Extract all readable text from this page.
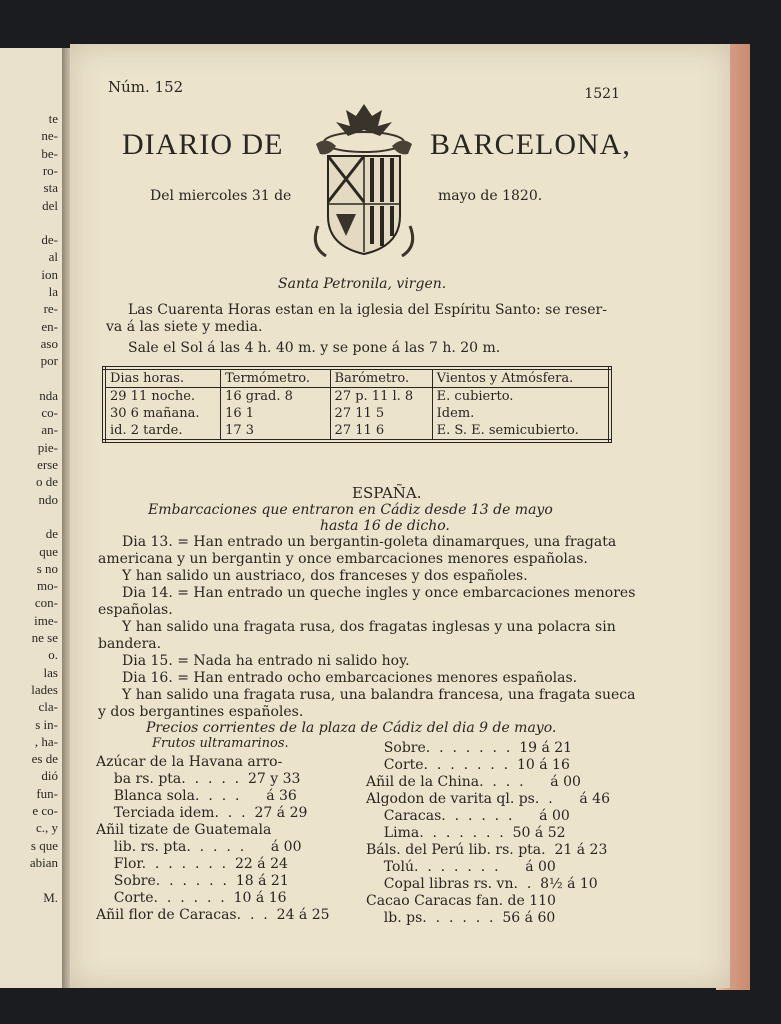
te
ne-
be-
ro-
sta
del
de-
al
ion
la
re-
en-
aso
por
nda
co-
an-
pie-
erse
o de
ndo
de
que
s no
mo-
con-
ime-
ne se
o.
las
lades
cla-
s in-
, ha-
es de
dió
fun-
e co-
c., y
s que
abian
M.
Núm. 152	1521
DIARIO DE	BARCELONA,
Del miercoles 31 de	mayo de 1820.
Santa Petronila, virgen.
Las Cuarenta Horas estan en la iglesia del Espíritu Santo: se reser-
va á las siete y media.
Sale el Sol á las 4 h. 40 m. y se pone á las 7 h. 20 m.
Dias horas.	Termómetro.	Barómetro.	Vientos y Atmósfera.
29 11 noche.	16 grad. 8	27 p. 11 l. 8	E. cubierto.
30 6 mañana.	16 1	27 11 5	Idem.
id. 2 tarde.	17 3	27 11 6	E. S. E. semicubierto.
ESPAÑA.
Embarcaciones que entraron en Cádiz desde 13 de mayo
hasta 16 de dicho.
Dia 13. = Han entrado un bergantin-goleta dinamarques, una fragata
americana y un bergantin y once embarcaciones menores españolas.
Y han salido un austriaco, dos franceses y dos españoles.
Dia 14. = Han entrado un queche ingles y once embarcaciones menores
españolas.
Y han salido una fragata rusa, dos fragatas inglesas y una polacra sin
bandera.
Dia 15. = Nada ha entrado ni salido hoy.
Dia 16. = Han entrado ocho embarcaciones menores españolas.
Y han salido una fragata rusa, una balandra francesa, una fragata sueca
y dos bergantines españoles.
Precios corrientes de la plaza de Cádiz del dia 9 de mayo.
Frutos ultramarinos.
Azúcar de la Havana arro-
ba rs. pta.  .  .  .  .  27 y 33
Blanca sola.  .  .  .      á 36
Terciada idem.  .  .  27 á 29
Añil tizate de Guatemala
lib. rs. pta.  .  .  .  .      á 00
Flor.  .  .  .  .  .  .  22 á 24
Sobre.  .  .  .  .  .  18 á 21
Corte.  .  .  .  .  .  10 á 16
Añil flor de Caracas.  .  .  24 á 25
Sobre.  .  .  .  .  .  .  19 á 21
Corte.  .  .  .  .  .  .  10 á 16
Añil de la China.  .  .  .      á 00
Algodon de varita ql. ps.  .      á 46
Caracas.  .  .  .  .  .      á 00
Lima.  .  .  .  .  .  .  50 á 52
Báls. del Perú lib. rs. pta.  21 á 23
Tolú.  .  .  .  .  .  .      á 00
Copal libras rs. vn.  .  8½ á 10
Cacao Caracas fan. de 110
lb. ps.  .  .  .  .  .  56 á 60
